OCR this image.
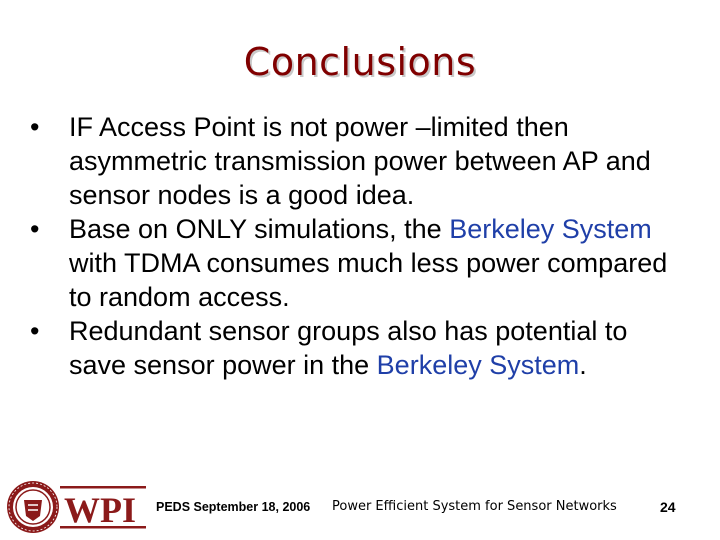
Conclusions
•	IF Access Point is not power –limited then asymmetric transmission power between AP and sensor nodes is a good idea.
•	Base on ONLY simulations, the Berkeley System with TDMA consumes much less power compared to random access.
•	Redundant sensor groups also has potential to save sensor power in the Berkeley System.
WPI PEDS September 18, 2006 Power Efficient System for Sensor Networks	24
